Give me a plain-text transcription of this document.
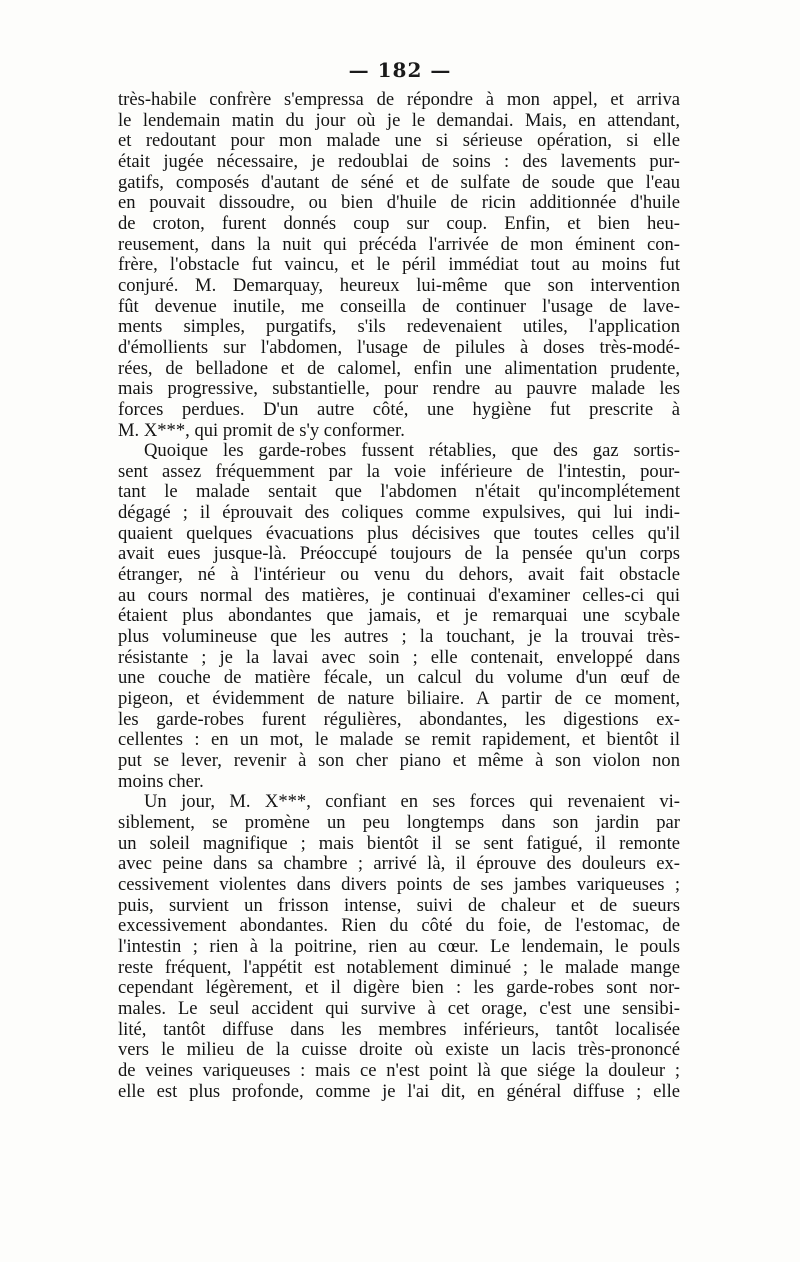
— 182 —
très-habile confrère s'empressa de répondre à mon appel, et arriva
le lendemain matin du jour où je le demandai. Mais, en attendant,
et redoutant pour mon malade une si sérieuse opération, si elle
était jugée nécessaire, je redoublai de soins : des lavements pur-
gatifs, composés d'autant de séné et de sulfate de soude que l'eau
en pouvait dissoudre, ou bien d'huile de ricin additionnée d'huile
de croton, furent donnés coup sur coup. Enfin, et bien heu-
reusement, dans la nuit qui précéda l'arrivée de mon éminent con-
frère, l'obstacle fut vaincu, et le péril immédiat tout au moins fut
conjuré. M. Demarquay, heureux lui-même que son intervention
fût devenue inutile, me conseilla de continuer l'usage de lave-
ments simples, purgatifs, s'ils redevenaient utiles, l'application
d'émollients sur l'abdomen, l'usage de pilules à doses très-modé-
rées, de belladone et de calomel, enfin une alimentation prudente,
mais progressive, substantielle, pour rendre au pauvre malade les
forces perdues. D'un autre côté, une hygiène fut prescrite à
M. X***, qui promit de s'y conformer.
Quoique les garde-robes fussent rétablies, que des gaz sortis-
sent assez fréquemment par la voie inférieure de l'intestin, pour-
tant le malade sentait que l'abdomen n'était qu'incomplétement
dégagé ; il éprouvait des coliques comme expulsives, qui lui indi-
quaient quelques évacuations plus décisives que toutes celles qu'il
avait eues jusque-là. Préoccupé toujours de la pensée qu'un corps
étranger, né à l'intérieur ou venu du dehors, avait fait obstacle
au cours normal des matières, je continuai d'examiner celles-ci qui
étaient plus abondantes que jamais, et je remarquai une scybale
plus volumineuse que les autres ; la touchant, je la trouvai très-
résistante ; je la lavai avec soin ; elle contenait, enveloppé dans
une couche de matière fécale, un calcul du volume d'un œuf de
pigeon, et évidemment de nature biliaire. A partir de ce moment,
les garde-robes furent régulières, abondantes, les digestions ex-
cellentes : en un mot, le malade se remit rapidement, et bientôt il
put se lever, revenir à son cher piano et même à son violon non
moins cher.
Un jour, M. X***, confiant en ses forces qui revenaient vi-
siblement, se promène un peu longtemps dans son jardin par
un soleil magnifique ; mais bientôt il se sent fatigué, il remonte
avec peine dans sa chambre ; arrivé là, il éprouve des douleurs ex-
cessivement violentes dans divers points de ses jambes variqueuses ;
puis, survient un frisson intense, suivi de chaleur et de sueurs
excessivement abondantes. Rien du côté du foie, de l'estomac, de
l'intestin ; rien à la poitrine, rien au cœur. Le lendemain, le pouls
reste fréquent, l'appétit est notablement diminué ; le malade mange
cependant légèrement, et il digère bien : les garde-robes sont nor-
males. Le seul accident qui survive à cet orage, c'est une sensibi-
lité, tantôt diffuse dans les membres inférieurs, tantôt localisée
vers le milieu de la cuisse droite où existe un lacis très-prononcé
de veines variqueuses : mais ce n'est point là que siége la douleur ;
elle est plus profonde, comme je l'ai dit, en général diffuse ; elle
